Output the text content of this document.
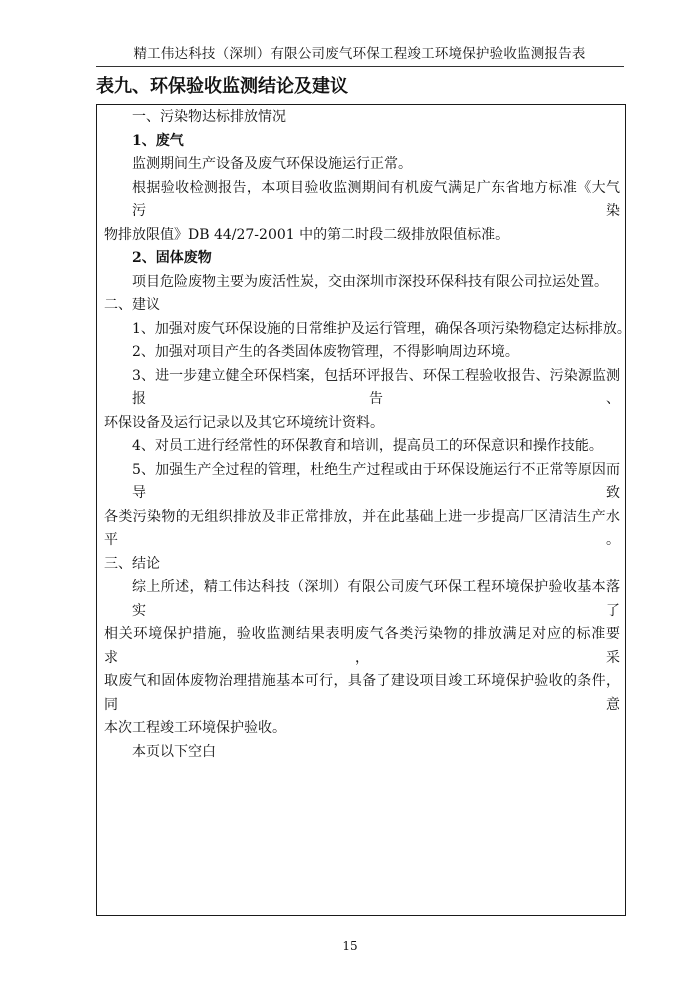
精工伟达科技（深圳）有限公司废气环保工程竣工环境保护验收监测报告表
表九、环保验收监测结论及建议
一、污染物达标排放情况
1、废气
监测期间生产设备及废气环保设施运行正常。
根据验收检测报告，本项目验收监测期间有机废气满足广东省地方标准《大气污染
物排放限值》DB 44/27-2001 中的第二时段二级排放限值标准。
2、固体废物
项目危险废物主要为废活性炭，交由深圳市深投环保科技有限公司拉运处置。
二、建议
1、加强对废气环保设施的日常维护及运行管理，确保各项污染物稳定达标排放。
2、加强对项目产生的各类固体废物管理，不得影响周边环境。
3、进一步建立健全环保档案，包括环评报告、环保工程验收报告、污染源监测报告、
环保设备及运行记录以及其它环境统计资料。
4、对员工进行经常性的环保教育和培训，提高员工的环保意识和操作技能。
5、加强生产全过程的管理，杜绝生产过程或由于环保设施运行不正常等原因而导致
各类污染物的无组织排放及非正常排放，并在此基础上进一步提高厂区清洁生产水平。
三、结论
综上所述，精工伟达科技（深圳）有限公司废气环保工程环境保护验收基本落实了
相关环境保护措施，验收监测结果表明废气各类污染物的排放满足对应的标准要求，采
取废气和固体废物治理措施基本可行，具备了建设项目竣工环境保护验收的条件，同意
本次工程竣工环境保护验收。
本页以下空白
15
